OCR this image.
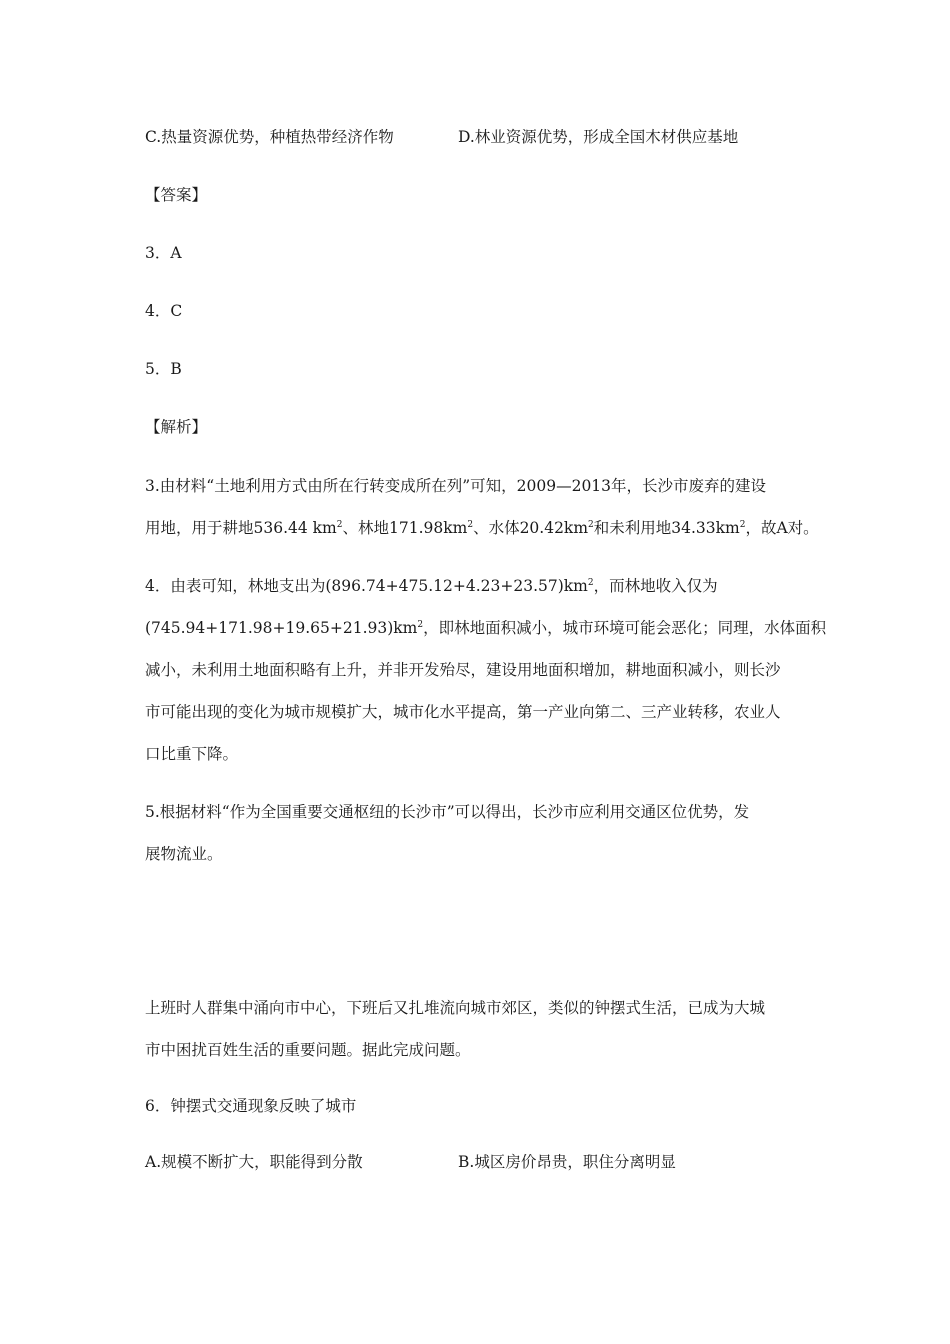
C.热量资源优势，种植热带经济作物	D.林业资源优势，形成全国木材供应基地
【答案】
3．A
4．C
5．B
【解析】
3.由材料“土地利用方式由所在行转变成所在列”可知，2009—2013年，长沙市废弃的建设
用地，用于耕地536.44 $km^2$、林地$171.98km^2$、水体$20.42km^2$和未利用地$34.33km^2$，故A对。
4．由表可知，林地支出为$(896.74+475.12+4.23+23.57)km^2$，而林地收入仅为
$(745.94+171.98+19.65+21.93)km^2$，即林地面积减小，城市环境可能会恶化；同理，水体面积
减小，未利用土地面积略有上升，并非开发殆尽，建设用地面积增加，耕地面积减小，则长沙
市可能出现的变化为城市规模扩大，城市化水平提高，第一产业向第二、三产业转移，农业人
口比重下降。
5.根据材料“作为全国重要交通枢纽的长沙市”可以得出，长沙市应利用交通区位优势，发
展物流业。
上班时人群集中涌向市中心，下班后又扎堆流向城市郊区，类似的钟摆式生活，已成为大城
市中困扰百姓生活的重要问题。据此完成问题。
6．钟摆式交通现象反映了城市
A.规模不断扩大，职能得到分散	B.城区房价昂贵，职住分离明显
